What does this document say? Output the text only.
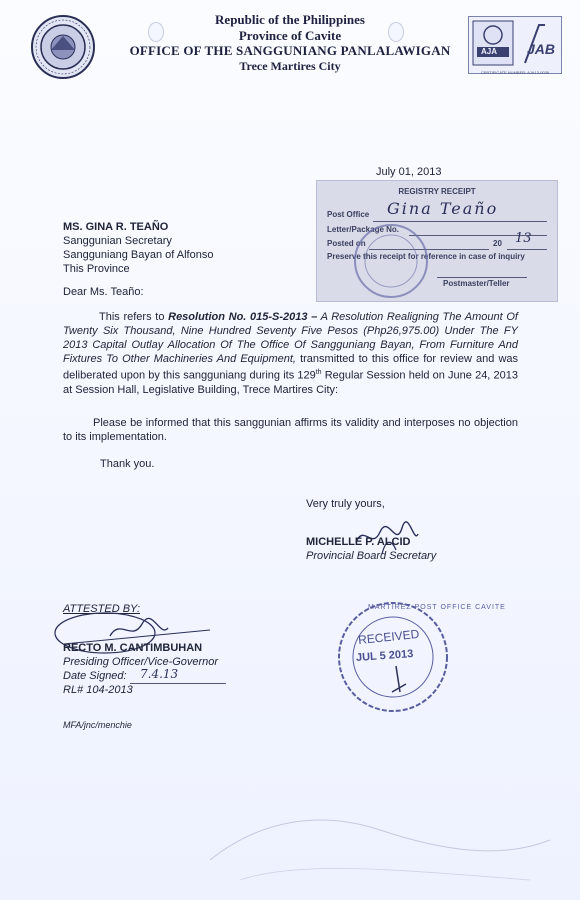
Republic of the Philippines
Province of Cavite
OFFICE OF THE SANGGUNIANG PANLALAWIGAN
Trece Martires City
AJA JAB
CERTIFICATE NUMBER: AJA13-0036
July 01, 2013
REGISTRY RECEIPT
Post Office Gina Teaño
Letter/Package No.
Posted on	20 13
Preserve this receipt for reference in case of inquiry
Postmaster/Teller
MS. GINA R. TEAÑO
Sanggunian Secretary
Sangguniang Bayan of Alfonso
This Province
Dear Ms. Teaño:
This refers to Resolution No. 015-S-2013 – A Resolution Realigning The Amount Of Twenty Six Thousand, Nine Hundred Seventy Five Pesos (Php26,975.00) Under The FY 2013 Capital Outlay Allocation Of The Office Of Sangguniang Bayan, From Furniture And Fixtures To Other Machineries And Equipment, transmitted to this office for review and was deliberated upon by this sangguniang during its 129th Regular Session held on June 24, 2013 at Session Hall, Legislative Building, Trece Martires City:
Please be informed that this sanggunian affirms its validity and interposes no objection to its implementation.
Thank you.
Very truly yours,
MICHELLE P. ALCID
Provincial Board Secretary
ATTESTED BY:
RECTO M. CANTIMBUHAN
Presiding Officer/Vice-Governor
Date Signed: 7.4.13
RL# 104-2013
MARTIREZ POST OFFICE CAVITE
RECEIVED
JUL 5 2013
MFA/jnc/menchie
